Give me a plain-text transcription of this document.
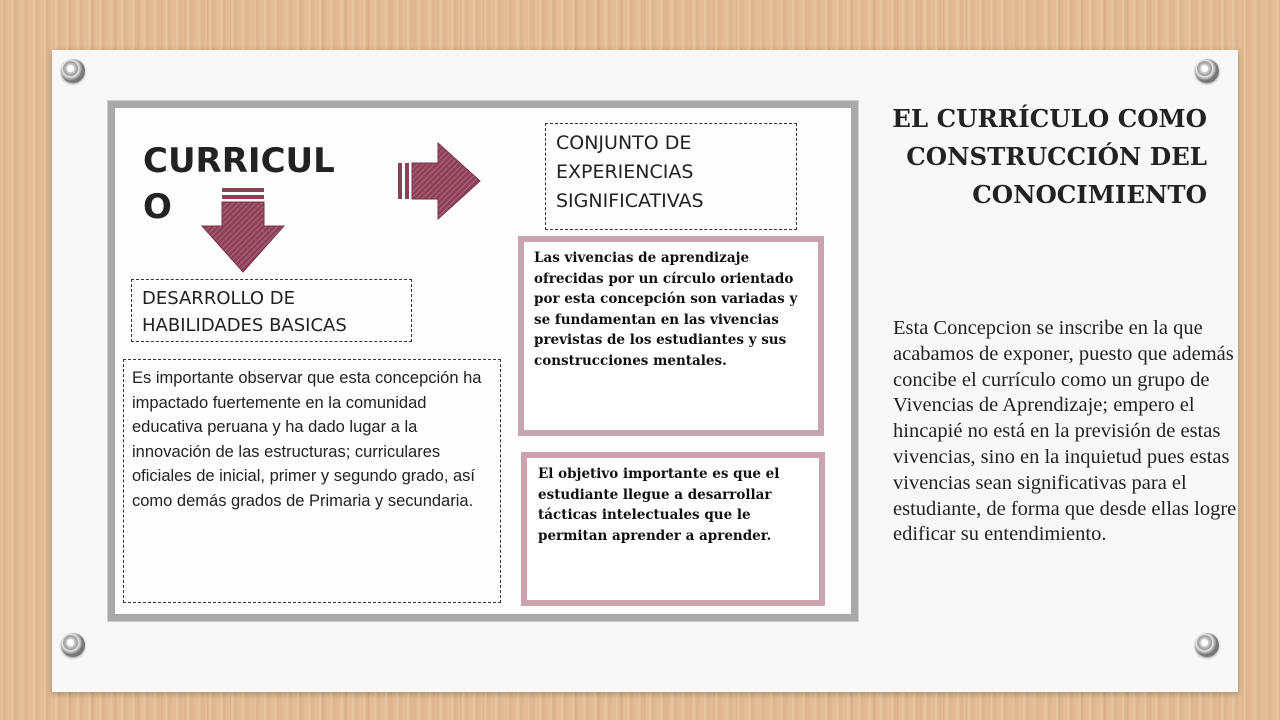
CURRICUL O
CONJUNTO DE EXPERIENCIAS SIGNIFICATIVAS
DESARROLLO DE HABILIDADES BASICAS
Es importante observar que esta concepción ha impactado fuertemente en la comunidad educativa peruana y ha dado lugar a la innovación de las estructuras; curriculares oficiales de inicial, primer y segundo grado, así como demás grados de Primaria y secundaria.
Las vivencias de aprendizaje ofrecidas por un círculo orientado por esta concepción son variadas y se fundamentan en las vivencias previstas de los estudiantes y sus construcciones mentales.
El objetivo importante es que el estudiante llegue a desarrollar tácticas intelectuales que le permitan aprender a aprender.
EL CURRÍCULO COMO CONSTRUCCIÓN DEL CONOCIMIENTO
Esta Concepcion se inscribe en la que acabamos de exponer, puesto que además concibe el currículo como un grupo de Vivencias de Aprendizaje; empero el hincapié no está en la previsión de estas vivencias, sino en la inquietud pues estas vivencias sean significativas para el estudiante, de forma que desde ellas logre edificar su entendimiento.
